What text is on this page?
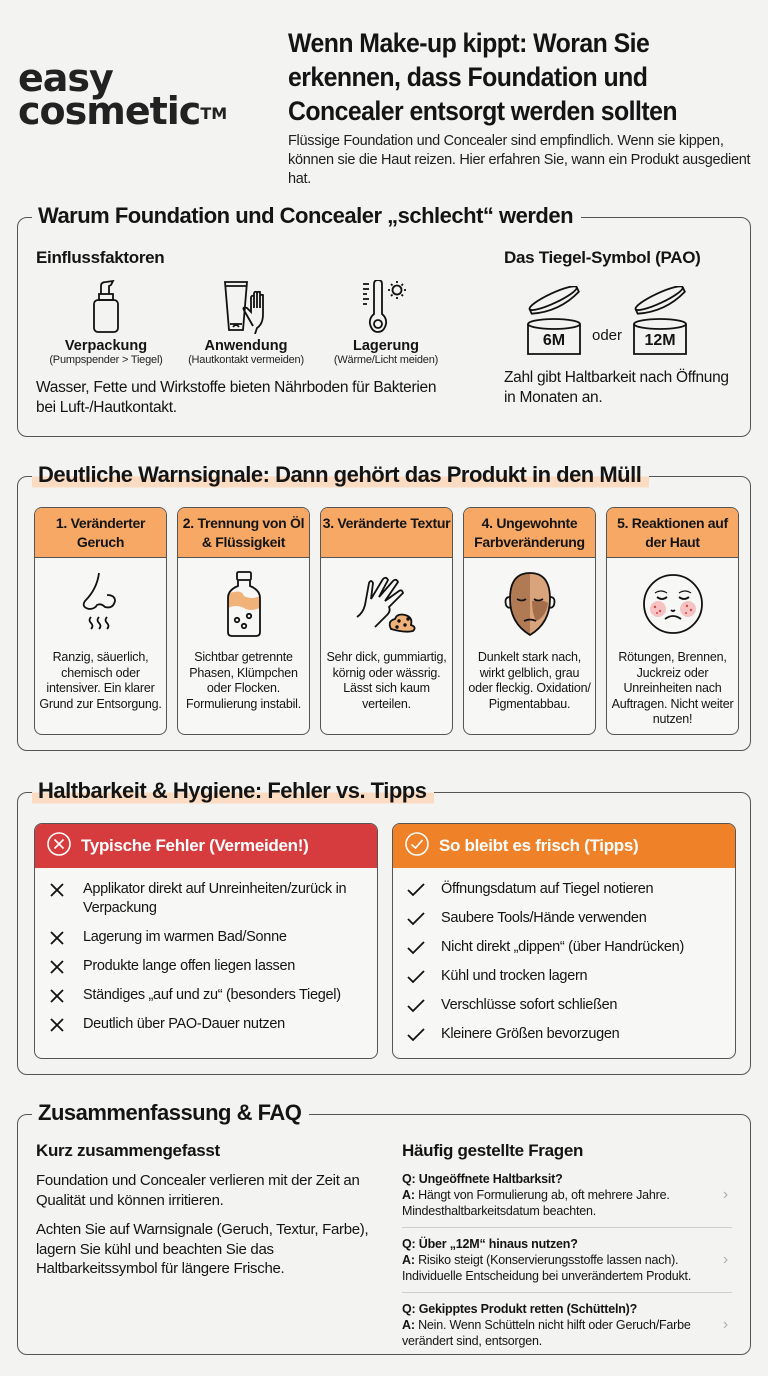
easy
cosmetic™
Wenn Make-up kippt: Woran Sie erkennen, dass Foundation und Concealer entsorgt werden sollten

Flüssige Foundation und Concealer sind empfindlich. Wenn sie kippen, können sie die Haut reizen. Hier erfahren Sie, wann ein Produkt ausgedient hat.

Warum Foundation und Concealer „schlecht“ werden
Einflussfaktoren
Verpackung
(Pumpspender > Tiegel)
Anwendung
(Hautkontakt vermeiden)
Lagerung
(Wärme/Licht meiden)

Wasser, Fette und Wirkstoffe bieten Nährboden für Bakterien bei Luft-/Hautkontakt.

Das Tiegel-Symbol (PAO)
6M	oder	12M

Zahl gibt Haltbarkeit nach Öffnung in Monaten an.

Deutliche Warnsignale: Dann gehört das Produkt in den Müll
1. Veränderter Geruch
Ranzig, säuerlich, chemisch oder intensiver. Ein klarer Grund zur Entsorgung.
2. Trennung von Öl & Flüssigkeit
Sichtbar getrennte Phasen, Klümpchen oder Flocken. Formulierung instabil.
3. Veränderte Textur
Sehr dick, gummiartig, körnig oder wässrig. Lässt sich kaum verteilen.
4. Ungewohnte Farbveränderung
Dunkelt stark nach, wirkt gelblich, grau oder fleckig. Oxidation/ Pigmentabbau.
5. Reaktionen auf der Haut
Rötungen, Brennen, Juckreiz oder Unreinheiten nach Auftragen. Nicht weiter nutzen!
Haltbarkeit & Hygiene: Fehler vs. Tipps
Typische Fehler (Vermeiden!)
Applikator direkt auf Unreinheiten/zurück in Verpackung
Lagerung im warmen Bad/Sonne
Produkte lange offen liegen lassen
Ständiges „auf und zu“ (besonders Tiegel)
Deutlich über PAO-Dauer nutzen
So bleibt es frisch (Tipps)
Öffnungsdatum auf Tiegel notieren
Saubere Tools/Hände verwenden
Nicht direkt „dippen“ (über Handrücken)
Kühl und trocken lagern
Verschlüsse sofort schließen
Kleinere Größen bevorzugen
Zusammenfassung & FAQ
Kurz zusammengefasst

Foundation und Concealer verlieren mit der Zeit an Qualität und können irritieren.

Achten Sie auf Warnsignale (Geruch, Textur, Farbe), lagern Sie kühl und beachten Sie das Haltbarkeitssymbol für längere Frische.

Häufig gestellte Fragen
Q: Ungeöffnete Haltbarksit?
A: Hängt von Formulierung ab, oft mehrere Jahre. Mindesthaltbarkeitsdatum beachten.
›
Q: Über „12M“ hinaus nutzen?
A: Risiko steigt (Konservierungsstoffe lassen nach). Individuelle Entscheidung bei unverändertem Produkt.
›
Q: Gekipptes Produkt retten (Schütteln)?
A: Nein. Wenn Schütteln nicht hilft oder Geruch/Farbe verändert sind, entsorgen.
›
